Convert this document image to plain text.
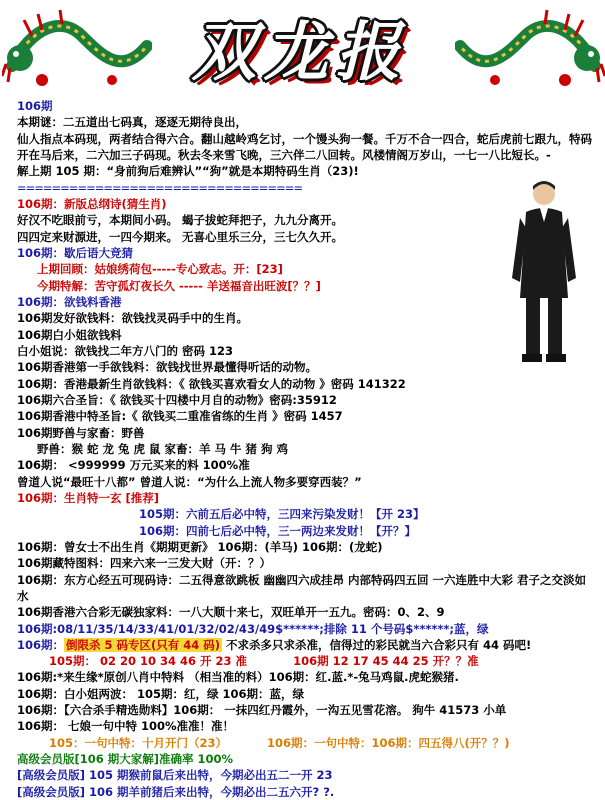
双龙报
106期
本期谜：二五道出七码真，逐逐无期待良出，
仙人指点本码现，两者结合得六合。翻山越岭鸡乞讨，一个馒头狗一餐。千万不合一四合，蛇后虎前七跟九，特码开在马后来，二六加三子码现。秋去冬来雪飞晚，三六伴二八回转。风楼情阁万岁山，一七一八比短长。-
解上期 105 期：“身前狗后难辨认”“狗”就是本期特码生肖（23)!
=================================
106期：新版总纲诗(猜生肖)
好汉不吃眼前亏，本期间小码。 蝎子拔蛇拜把子，九九分离开。
四四定来财源进，一四今期来。 无喜心里乐三分，三七久久开。
106期：歇后语大竞猜
上期回顾：姑娘绣荷包-----专心致志。开：[23]
今期特解：苦守孤灯夜长久 ----- 羊送福音出旺波[？？]
106期：欲钱料香港
106期发好欲钱料：欲钱找灵码手中的生肖。
106期白小姐欲钱料
白小姐说：欲钱找二年方八门的 密码 123
106期香港第一手欲钱料：欲钱找世界最懂得听话的动物。
106期：香港最新生肖欲钱料：《 欲钱买喜欢看女人的动物 》密码 141322
106期六合圣旨：《 欲钱买十四楼中月自的动物》密码:35912
106期香港中特圣旨:《 欲钱买二重准省练的生肖 》密码 1457
106期野兽与家畜：野兽
野兽：猴 蛇 龙 兔 虎 鼠 家畜：羊 马 牛 猪 狗 鸡
106期： <999999 万元买来的料 100%准
曾道人说“最旺十八都” 曾道人说：“为什么上流人物多要穿西装？”
106期：生肖特一玄 [推荐]
105期：六前五后必中特，三四来污染发财！【开 23】
106期：四前七后必中特，三一两边来发财！【开？】
106期：曾女士不出生肖《期期更新》 106期：(羊马) 106期：(龙蛇)
106期藏特图料：四来六来一三发大财（开：？）
106期：东方心经五可现码诗：二五得意欲跳板 幽幽四六成挂昂 内部特码四五回 一六连胜中大彩 君子之交淡如水
106期香港六合彩无碳独家料：一八大顺十来七，双旺单开一五九。密码：0、2、9
106期:08/11/35/14/33/41/01/32/02/43/49$******;排除 11 个号码$******;蓝，绿
106期： 倒限杀 5 码专区(只有 44 码) 不求杀多只求杀准，信得过的彩民就当六合彩只有 44 码吧!
105期： 02 20 10 34 46 开 23 准	106期 12 17 45 44 25 开？？准
106期:*来生缘*原创八肖中特料 （相当准的料）106期：红.蓝.*-兔马鸡鼠.虎蛇猴猪.
106期：白小姐两波： 105期：红，绿 106期：蓝，绿
106期：【六合杀手精选勋料】106期： 一抹四红丹霞外，一沟五见雪花溶。 狗牛 41573 小单
106期： 七娘一句中特 100%准准！准！
105：一句中特：十月开门（23）	106期：一句中特：106期：四五得八(开？？)
高级会员版[106 期大家解]准确率 100%
[高级会员版] 105 期猴前鼠后来出特，今期必出五二一开 23
[高级会员版] 106 期羊前猪后来出特，今期必出二五六开? ?.
